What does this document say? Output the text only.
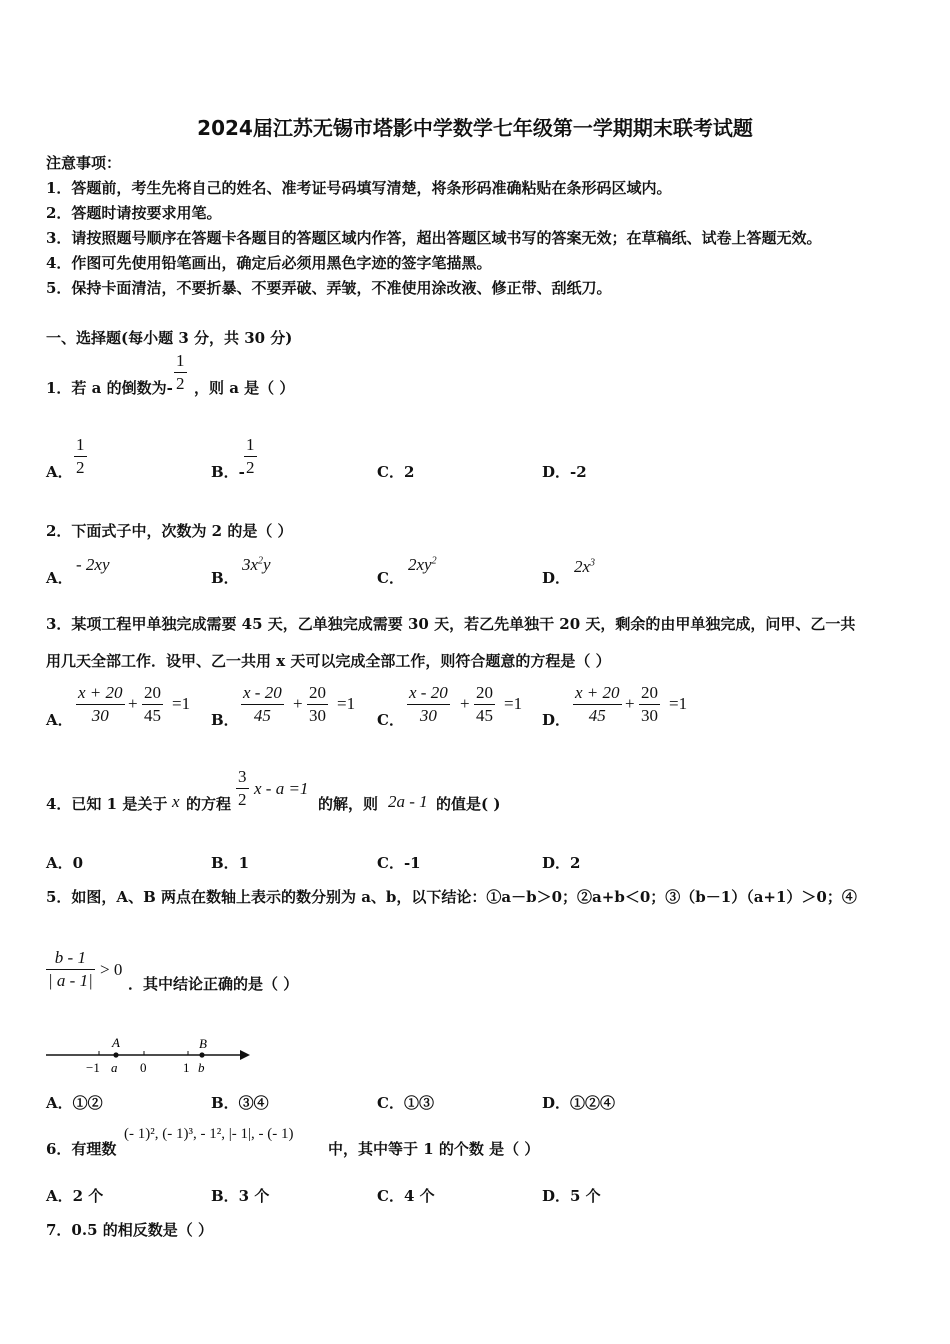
2024届江苏无锡市塔影中学数学七年级第一学期期末联考试题
注意事项：
1．答题前，考生先将自己的姓名、准考证号码填写清楚，将条形码准确粘贴在条形码区域内。
2．答题时请按要求用笔。
3．请按照题号顺序在答题卡各题目的答题区域内作答，超出答题区域书写的答案无效；在草稿纸、试卷上答题无效。
4．作图可先使用铅笔画出，确定后必须用黑色字迹的签字笔描黑。
5．保持卡面清洁，不要折暴、不要弄破、弄皱，不准使用涂改液、修正带、刮纸刀。
一、选择题(每小题 3 分，共 30 分)
1．若 a 的倒数为- $\frac{1}{2}$ ，则 a 是（ ）
A． $\frac{1}{2}$	B．- $\frac{1}{2}$	C．2	D．-2
2．下面式子中，次数为 2 的是（ ）
A．
- 2xy
B．
$3x^2y$
C．
$2xy^2$
D．
$2x^3$
3．某项工程甲单独完成需要 45 天，乙单独完成需要 30 天，若乙先单独干 20 天，剩余的由甲单独完成，问甲、乙一共
用几天全部工作．设甲、乙一共用 x 天可以完成全部工作，则符合题意的方程是（ ）
A． $\frac{x + 20}{30} + \frac{20}{45} =1$
B． $\frac{x - 20}{45} + \frac{20}{30} =1$
C． $\frac{x - 20}{30} + \frac{20}{45} =1$
D． $\frac{x + 20}{45} + \frac{20}{30} =1$
4．已知 1 是关于 x 的方程 $\frac{3}{2}$ x - a =1
的解，则 2a - 1 的值是( )
A．0	B．1	C．-1	D．2
5．如图，A、B 两点在数轴上表示的数分别为 a、b，以下结论：①a－b＞0；②a+b＜0；③（b－1）（a+1）＞0；④
$\frac{b - 1}{| a - 1|} > 0$
．其中结论正确的是（ ）
A	B
−1 a 0	1 b
A．①②	B．③④	C．①③	D．①②④
6．有理数
(- 1)², (- 1)³, - 1², |- 1|, - (- 1)
中，其中等于 1 的个数 是（ ）
A．2 个	B．3 个	C．4 个	D．5 个
7．0.5 的相反数是（ ）
